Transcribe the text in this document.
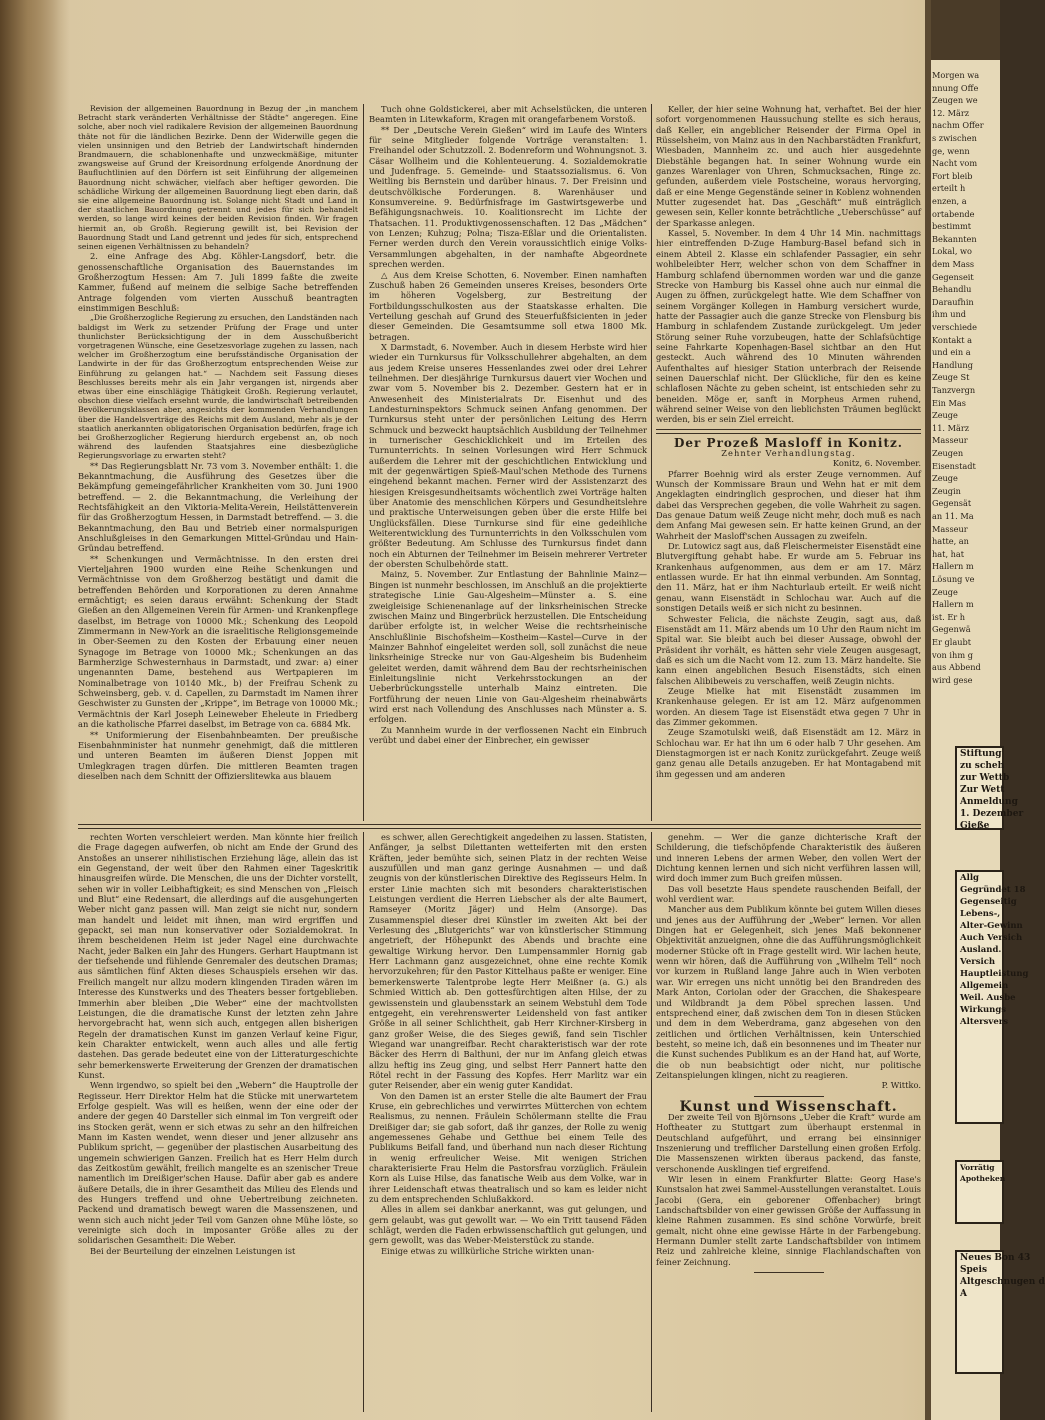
Revision der allgemeinen Bauordnung in Bezug der „in manchem Betracht stark veränderten Verhältnisse der Städte“ angeregen. Eine solche, aber noch viel radikalere Revision der allgemeinen Bauordnung thäte not für die ländlichen Bezirke. Denn der Widerwille gegen die vielen unsinnigen und den Betrieb der Landwirtschaft hindernden Brandmauern, die schablonenhafte und unzweckmäßige, mitunter zwangsweise auf Grund der Kreisordnung erfolgende Anordnung der Baufluchtlinien auf den Dörfern ist seit Einführung der allgemeinen Bauordnung nicht schwächer, vielfach aber heftiger geworden. Die schädliche Wirkung der allgemeinen Bauordnung liegt eben darin, daß sie eine allgemeine Bauordnung ist. Solange nicht Stadt und Land in der staatlichen Bauordnung getrennt und jedes für sich behandelt werden, so lange wird keines der beiden Revision finden. Wir fragen hiermit an, ob Großh. Regierung gewillt ist, bei Revision der Bauordnung Stadt und Land getrennt und jedes für sich, entsprechend seinen eigenen Verhältnissen zu behandeln?

2. eine Anfrage des Abg. Köhler-Langsdorf, betr. die genossenschaftliche Organisation des Bauernstandes im Großherzogtum Hessen: Am 7. Juli 1899 faßte die zweite Kammer, fußend auf meinem die selbige Sache betreffenden Antrage folgenden vom vierten Ausschuß beantragten einstimmigen Beschluß:

„Die Großherzogliche Regierung zu ersuchen, den Landständen nach baldigst im Werk zu setzender Prüfung der Frage und unter thunlichster Berücksichtigung der in dem Ausschußbericht vorgetragenen Wünsche, eine Gesetzesvorlage zugehen zu lassen, nach welcher im Großherzogtum eine berufsständische Organisation der Landwirte in der für das Großherzogtum entsprechenden Weise zur Einführung zu gelangen hat.“ — Nachdem seit Fassung dieses Beschlusses bereits mehr als ein Jahr vergangen ist, nirgends aber etwas über eine einschlägige Thätigkeit Großh. Regierung verlautet, obschon diese vielfach ersehnt wurde, die landwirtschaft betreibenden Bevölkerungsklassen aber, angesichts der kommenden Verhandlungen über die Handelsverträge des Reichs mit dem Ausland, mehr als je der staatlich anerkannten obligatorischen Organisation bedürfen, frage ich bei Großherzoglicher Regierung hierdurch ergebenst an, ob noch während des laufenden Staatsjahres eine diesbezügliche Regierungsvorlage zu erwarten steht?

** Das Regierungsblatt Nr. 73 vom 3. November enthält: 1. die Bekanntmachung, die Ausführung des Gesetzes über die Bekämpfung gemeingefährlicher Krankheiten vom 30. Juni 1900 betreffend. — 2. die Bekanntmachung, die Verleihung der Rechtsfähigkeit an den Viktoria-Melita-Verein, Heilstättenverein für das Großherzogtum Hessen, in Darmstadt betreffend. — 3. die Bekanntmachung, den Bau und Betrieb einer normalspurigen Anschlußgleises in den Gemarkungen Mittel-Gründau und Hain-Gründau betreffend.

** Schenkungen und Vermächtnisse. In den ersten drei Vierteljahren 1900 wurden eine Reihe Schenkungen und Vermächtnisse von dem Großherzog bestätigt und damit die betreffenden Behörden und Korporationen zu deren Annahme ermächtigt; es seien daraus erwähnt: Schenkung der Stadt Gießen an den Allgemeinen Verein für Armen- und Krankenpflege daselbst, im Betrage von 10000 Mk.; Schenkung des Leopold Zimmermann in New-York an die israelitische Religionsgemeinde in Ober-Seemen zu den Kosten der Erbauung einer neuen Synagoge im Betrage von 10000 Mk.; Schenkungen an das Barmherzige Schwesternhaus in Darmstadt, und zwar: a) einer ungenannten Dame, bestehend aus Wertpapieren im Nominalbetrage von 10140 Mk., b) der Freifrau Schenk zu Schweinsberg, geb. v. d. Capellen, zu Darmstadt im Namen ihrer Geschwister zu Gunsten der „Krippe“, im Betrage von 10000 Mk.; Vermächtnis der Karl Joseph Leineweber Eheleute in Friedberg an die katholische Pfarrei daselbst, im Betrage von ca. 6884 Mk.

** Uniformierung der Eisenbahnbeamten. Der preußische Eisenbahnminister hat nunmehr genehmigt, daß die mittleren und unteren Beamten im äußeren Dienst Joppen mit Umlegkragen tragen dürfen. Die mittleren Beamten tragen dieselben nach dem Schnitt der Offizierslitewka aus blauem

Tuch ohne Goldstickerei, aber mit Achselstücken, die unteren Beamten in Litewkaform, Kragen mit orangefarbenem Vorstoß.

** Der „Deutsche Verein Gießen“ wird im Laufe des Winters für seine Mitglieder folgende Vorträge veranstalten: 1. Freihandel oder Schutzzoll. 2. Bodenreform und Wohnungsnot. 3. Cäsar Wollheim und die Kohlenteuerung. 4. Sozialdemokratie und Judenfrage. 5. Gemeinde- und Staatssozialismus. 6. Von Weitling bis Bernstein und darüber hinaus. 7. Der Freisinn und deutschvölkische Forderungen. 8. Warenhäuser und Konsumvereine. 9. Bedürfnisfrage im Gastwirtsgewerbe und Befähigungsnachweis. 10. Koalitionsrecht im Lichte der Thatsachen. 11. Produktivgenossenschaften. 12 Das „Mädchen“ von Lenzen; Kuhzug; Polna; Tisza-Eßlar und die Orientalisten. Ferner werden durch den Verein voraussichtlich einige Volks-Versammlungen abgehalten, in der namhafte Abgeordnete sprechen werden.

△ Aus dem Kreise Schotten, 6. November. Einen namhaften Zuschuß haben 26 Gemeinden unseres Kreises, besonders Orte im höheren Vogelsberg, zur Bestreitung der Fortbildungsschulkosten aus der Staatskasse erhalten. Die Verteilung geschah auf Grund des Steuerfußfsicienten in jeder dieser Gemeinden. Die Gesamtsumme soll etwa 1800 Mk. betragen.

X Darmstadt, 6. November. Auch in diesem Herbste wird hier wieder ein Turnkursus für Volksschullehrer abgehalten, an dem aus jedem Kreise unseres Hessenlandes zwei oder drei Lehrer teilnehmen. Der diesjährige Turnkursus dauert vier Wochen und zwar vom 5. November bis 2. Dezember. Gestern hat er in Anwesenheit des Ministerialrats Dr. Eisenhut und des Landesturninspektors Schmuck seinen Anfang genommen. Der Turnkursus steht unter der persönlichen Leitung des Herrn Schmuck und bezweckt hauptsächlich Ausbildung der Teilnehmer in turnerischer Geschicklichkeit und im Erteilen des Turnunterrichts. In seinen Vorlesungen wird Herr Schmuck außerdem die Lehrer mit der geschichtlichen Entwicklung und mit der gegenwärtigen Spieß-Maul'schen Methode des Turnens eingehend bekannt machen. Ferner wird der Assistenzarzt des hiesigen Kreisgesundheitsamts wöchentlich zwei Vorträge halten über Anatomie des menschlichen Körpers und Gesundheitslehre und praktische Unterweisungen geben über die erste Hilfe bei Unglücksfällen. Diese Turnkurse sind für eine gedeihliche Weiterentwicklung des Turnunterrichts in den Volksschulen vom größter Bedeutung. Am Schlusse des Turnkursus findet dann noch ein Abturnen der Teilnehmer im Beisein mehrerer Vertreter der obersten Schulbehörde statt.

Mainz, 5. November. Zur Entlastung der Bahnlinie Mainz—Bingen ist nunmehr beschlossen, im Anschluß an die projektierte strategische Linie Gau-Algesheim—Münster a. S. eine zweigleisige Schienenanlage auf der linksrheinischen Strecke zwischen Mainz und Bingerbrück herzustellen. Die Entscheidung darüber erfolgte ist, in welcher Weise die rechtsrheinische Anschlußlinie Bischofsheim—Kostheim—Kastel—Curve in der Mainzer Bahnhof eingeleitet werden soll, soll zunächst die neue linksrheinige Strecke nur von Gau-Algesheim bis Budenheim geleitet werden, damit während dem Bau der rechtsrheinischen Einleitungslinie nicht Verkehrsstockungen an der Ueberbrückungsstelle unterhalb Mainz eintreten. Die Fortführung der neuen Linie von Gau-Algesheim rheinabwärts wird erst nach Vollendung des Anschlusses nach Münster a. S. erfolgen.

Zu Mannheim wurde in der verflossenen Nacht ein Einbruch verübt und dabei einer der Einbrecher, ein gewisser

Keller, der hier seine Wohnung hat, verhaftet. Bei der hier sofort vorgenommenen Haussuchung stellte es sich heraus, daß Keller, ein angeblicher Reisender der Firma Opel in Rüsselsheim, von Mainz aus in den Nachbarstädten Frankfurt, Wiesbaden, Mannheim zc. und auch hier ausgedehnte Diebstähle begangen hat. In seiner Wohnung wurde ein ganzes Warenlager von Uhren, Schmucksachen, Ringe zc. gefunden, außerdem viele Postscheine, woraus hervorging, daß er eine Menge Gegenstände seiner in Koblenz wohnenden Mutter zugesendet hat. Das „Geschäft“ muß einträglich gewesen sein, Keller konnte beträchtliche „Ueberschüsse“ auf der Sparkasse anlegen.

Kassel, 5. November. In dem 4 Uhr 14 Min. nachmittags hier eintreffenden D-Zuge Hamburg-Basel befand sich in einem Abteil 2. Klasse ein schlafender Passagier, ein sehr wohlbeleibter Herr, welcher schon von dem Schaffner in Hamburg schlafend übernommen worden war und die ganze Strecke von Hamburg bis Kassel ohne auch nur einmal die Augen zu öffnen, zurückgelegt hatte. Wie dem Schaffner von seinem Vorgänger Kollegen in Hamburg versichert wurde, hatte der Passagier auch die ganze Strecke von Flensburg bis Hamburg in schlafendem Zustande zurückgelegt. Um jeder Störung seiner Ruhe vorzubeugen, hatte der Schlafsüchtige seine Fahrkarte Kopenhagen-Basel sichtbar an den Hut gesteckt. Auch während des 10 Minuten währenden Aufenthaltes auf hiesiger Station unterbrach der Reisende seinen Dauerschlaf nicht. Der Glückliche, für den es keine schlaflosen Nächte zu geben scheint, ist entschieden sehr zu beneiden. Möge er, sanft in Morpheus Armen ruhend, während seiner Weise von den lieblichsten Träumen beglückt werden, bis er sein Ziel erreicht.

Der Prozeß Masloff in Konitz.

Zehnter Verhandlungstag.

Konitz, 6. November.

Pfarrer Boehnig wird als erster Zeuge vernommen. Auf Wunsch der Kommissare Braun und Wehn hat er mit dem Angeklagten eindringlich gesprochen, und dieser hat ihm dabei das Versprechen gegeben, die volle Wahrheit zu sagen. Das genaue Datum weiß Zeuge nicht mehr, doch muß es nach dem Anfang Mai gewesen sein. Er hatte keinen Grund, an der Wahrheit der Masloff'schen Aussagen zu zweifeln.

Dr. Lutowicz sagt aus, daß Fleischermeister Eisenstädt eine Blutvergiftung gehabt habe. Er wurde am 5. Februar ins Krankenhaus aufgenommen, aus dem er am 17. März entlassen wurde. Er hat ihn einmal verbunden. Am Sonntag, den 11. März, hat er ihm Nachturlaub erteilt. Er weiß nicht genau, wann Eisenstädt in Schlochau war. Auch auf die sonstigen Details weiß er sich nicht zu besinnen.

Schwester Felicia, die nächste Zeugin, sagt aus, daß Eisenstädt am 11. März abends um 10 Uhr den Raum nicht im Spital war. Sie bleibt auch bei dieser Aussage, obwohl der Präsident ihr vorhält, es hätten sehr viele Zeugen ausgesagt, daß es sich um die Nacht vom 12. zum 13. März handelte. Sie kann einen angeblichen Besuch Eisenstädts, sich einen falschen Alibibeweis zu verschaffen, weiß Zeugin nichts.

Zeuge Mielke hat mit Eisenstädt zusammen im Krankenhause gelegen. Er ist am 12. März aufgenommen worden. An diesem Tage ist Eisenstädt etwa gegen 7 Uhr in das Zimmer gekommen.

Zeuge Szamotulski weiß, daß Eisenstädt am 12. März in Schlochau war. Er hat ihn um 6 oder halb 7 Uhr gesehen. Am Dienstagmorgen ist er nach Konitz zurückgefahrt. Zeuge weiß ganz genau alle Details anzugeben. Er hat Montagabend mit ihm gegessen und am anderen

rechten Worten verschleiert werden. Man könnte hier freilich die Frage dagegen aufwerfen, ob nicht am Ende der Grund des Anstoßes an unserer nihilistischen Erziehung läge, allein das ist ein Gegenstand, der weit über den Rahmen einer Tageskritik hinausgreifen würde. Die Menschen, die uns der Dichter vorstellt, sehen wir in voller Leibhaftigkeit; es sind Menschen von „Fleisch und Blut“ eine Redensart, die allerdings auf die ausgehungerten Weber nicht ganz passen will. Man zeigt sie nicht nur, sondern man handelt und leidet mit ihnen, man wird ergriffen und gepackt, sei man nun konservativer oder Sozialdemokrat. In ihrem bescheidenen Heim ist jeder Nagel eine durchwachte Nacht, jeder Balken ein Jahr des Hungers. Gerhart Hauptmann ist der tiefsehende und fühlende Genremaler des deutschen Dramas; aus sämtlichen fünf Akten dieses Schauspiels ersehen wir das. Freilich mangelt nur allzu modern klingenden Tiraden wären im Interesse des Kunstwerks und des Theaters besser fortgeblieben. Immerhin aber bleiben „Die Weber“ eine der machtvollsten Leistungen, die die dramatische Kunst der letzten zehn Jahre hervorgebracht hat, wenn sich auch, entgegen allen bisherigen Regeln der dramatischen Kunst im ganzen Verlauf keine Figur, kein Charakter entwickelt, wenn auch alles und alle fertig dastehen. Das gerade bedeutet eine von der Litteraturgeschichte sehr bemerkenswerte Erweiterung der Grenzen der dramatischen Kunst.

Wenn irgendwo, so spielt bei den „Webern“ die Hauptrolle der Regisseur. Herr Direktor Helm hat die Stücke mit unerwartetem Erfolge gespielt. Was will es heißen, wenn der eine oder der andere der gegen 40 Darsteller sich einmal im Ton vergreift oder ins Stocken gerät, wenn er sich etwas zu sehr an den hilfreichen Mann im Kasten wendet, wenn dieser und jener allzusehr ans Publikum spricht, — gegenüber der plastischen Ausarbeitung des ungemein schwierigen Ganzen. Freilich hat es Herr Helm durch das Zeitkostüm gewählt, freilich mangelte es an szenischer Treue namentlich im Dreißiger'schen Hause. Dafür aber gab es andere äußere Details, die in ihrer Gesamtheit das Milieu des Elends und des Hungers treffend und ohne Uebertreibung zeichneten. Packend und dramatisch bewegt waren die Massenszenen, und wenn sich auch nicht jeder Teil vom Ganzen ohne Mühe löste, so vereinigte sich doch in imposanter Größe alles zu der solidarischen Gesamtheit: Die Weber.

Bei der Beurteilung der einzelnen Leistungen ist

es schwer, allen Gerechtigkeit angedeihen zu lassen. Statisten, Anfänger, ja selbst Dilettanten wetteiferten mit den ersten Kräften, jeder bemühte sich, seinen Platz in der rechten Weise auszufüllen und man ganz geringe Ausnahmen — und daß zeugnis von der künstlerischen Direktive des Regisseurs Helm. In erster Linie machten sich mit besonders charakteristischen Leistungen verdient die Herren Liebscher als der alte Baumert, Ramseyer (Moritz Jäger) und Helm (Ansorge). Das Zusammenspiel dieser drei Künstler im zweiten Akt bei der Verlesung des „Blutgerichts“ war von künstlerischer Stimmung angetrieft, der Höhepunkt des Abends und brachte eine gewaltige Wirkung hervor. Den Lumpensammler Hornig gab Herr Lachmann ganz ausgezeichnet, ohne eine rechte Komik hervorzukehren; für den Pastor Kittelhaus paßte er weniger. Eine bemerkenswerte Talentprobe legte Herr Meißner (a. G.) als Schmied Wittich ab. Den gottesfürchtigen alten Hilse, der zu gewissenstein und glaubensstark an seinem Webstuhl dem Tode entgegeht, ein verehrenswerter Leidensheld von fast antiker Größe in all seiner Schlichtheit, gab Herr Kirchner-Kirsberg in ganz großer Weise, die des Sieges gewiß, fand sein Tischler Wiegand war unangreifbar. Recht charakteristisch war der rote Bäcker des Herrn di Balthuni, der nur im Anfang gleich etwas allzu heftig ins Zeug ging, und selbst Herr Pannert hatte den Rötel recht in der Fassung des Kopfes. Herr Marlitz war ein guter Reisender, aber ein wenig guter Kandidat.

Von den Damen ist an erster Stelle die alte Baumert der Frau Kruse, ein gebrechliches und verwirrtes Mütterchen von echtem Realismus, zu nennen. Fräulein Schölermann stellte die Frau Dreißiger dar; sie gab sofort, daß ihr ganzes, der Rolle zu wenig angemessenes Gehabe und Getthue bei einem Teile des Publikums Beifall fand, und überhand nun nach dieser Richtung in wenig erfreulicher Weise. Mit wenigen Strichen charakterisierte Frau Helm die Pastorsfrau vorzüglich. Fräulein Korn als Luise Hilse, das fanatische Weib aus dem Volke, war in ihrer Leidenschaft etwas theatralisch und so kam es leider nicht zu dem entsprechenden Schlußakkord.

Alles in allem sei dankbar anerkannt, was gut gelungen, und gern gelaubt, was gut gewollt war. — Wo ein Tritt tausend Fäden schlägt, werden die Faden erbwissenschaftlich gut gelungen, und gern gewollt, was das Weber-Meisterstück zu stande.

Einige etwas zu willkürliche Striche wirkten unan-

genehm. — Wer die ganze dichterische Kraft der Schilderung, die tiefschöpfende Charakteristik des äußeren und inneren Lebens der armen Weber, den vollen Wert der Dichtung kennen lernen und sich nicht verführen lassen will, wird doch immer zum Buch greifen müssen.

Das voll besetzte Haus spendete rauschenden Beifall, der wohl verdient war.

Mancher aus dem Publikum könnte bei gutem Willen dieses und jenes aus der Aufführung der „Weber“ lernen. Vor allen Dingen hat er Gelegenheit, sich jenes Maß bekonnener Objektivität anzueignen, ohne die das Aufführungsmöglichkeit moderner Stücke oft in Frage gestellt wird. Wir lachen heute, wenn wir hören, daß die Aufführung von „Wilhelm Tell“ noch vor kurzem in Rußland lange Jahre auch in Wien verboten war. Wir erregen uns nicht unnötig bei den Brandreden des Mark Anton, Coriolan oder der Gracchen, die Shakespeare und Wildbrandt ja dem Pöbel sprechen lassen. Und entsprechend einer, daß zwischen dem Ton in diesen Stücken und dem in dem Weberdrama, ganz abgesehen von den zeitlichen und örtlichen Verhältnissen, kein Unterschied besteht, so meine ich, daß ein besonnenes und im Theater nur die Kunst suchendes Publikum es an der Hand hat, auf Worte, die ob nun beabsichtigt oder nicht, nur politische Zeitanspielungen klingen, nicht zu reagieren.

P. Wittko.

Kunst und Wissenschaft.

Der zweite Teil von Björnsons „Ueber die Kraft“ wurde am Hoftheater zu Stuttgart zum überhaupt erstenmal in Deutschland aufgeführt, und errang bei einsinniger Inszenierung und trefflicher Darstellung einen großen Erfolg. Die Massenszenen wirkten überaus packend, das fanste, verschonende Ausklingen tief ergreifend.

Wir lesen in einem Frankfurter Blatte: Georg Hase's Kunstsalon hat zwei Sammel-Ausstellungen veranstaltet. Louis Jacobi (Gera, ein geborener Offenbacher) bringt Landschaftsbilder von einer gewissen Größe der Auffassung in kleine Rahmen zusammen. Es sind schöne Vorwürfe, breit gemalt, nicht ohne eine gewisse Härte in der Farbengebung. Hermann Dumler stellt zarte Landschaftsbilder von intimem Reiz und zahlreiche kleine, sinnige Flachlandschaften von feiner Zeichnung.

Morgen wa
nnung Offe
Zeugen we
12. März
nachm Offer
s zwischen
ge, wenn
Nacht vom
Fort bleib
erteilt h
enzen, a
ortabende
bestimmt
Bekannten
Lokal, wo
dem Mass
Gegenseit
Behandlu
Daraufhin
ihm und
verschiede
Kontakt a
und ein a
Handlung
Zeuge St
Tanzvergn
Ein Mas
Zeuge
11. März
Masseur
Zeugen
Eisenstadt
Zeuge
Zeugin
Gegensät
an 11. Ma
Masseur
hatte, an
hat, hat
Hallern m
Lösung ve
Zeuge
Hallern m
ist. Er h
Gegenwä
Er glaubt
von ihm g
aus Abbend
wird gese
Stiftung
zu scheh
zur Wettb
Zur Wett
Anmeldung
1. Dezember
Gieße
Allg
Gegründet 18
Gegenseitig
Lebens-,
Alter-Gewinn
Auch Versich
Ausland.
Versich
Hauptleistung
Allgemein
Weil. Ausbe
Wirkungs
Altersvers
Vorrätig
Apotheken
Neues Bon 43
Speis
Altgeschnugen d
A
